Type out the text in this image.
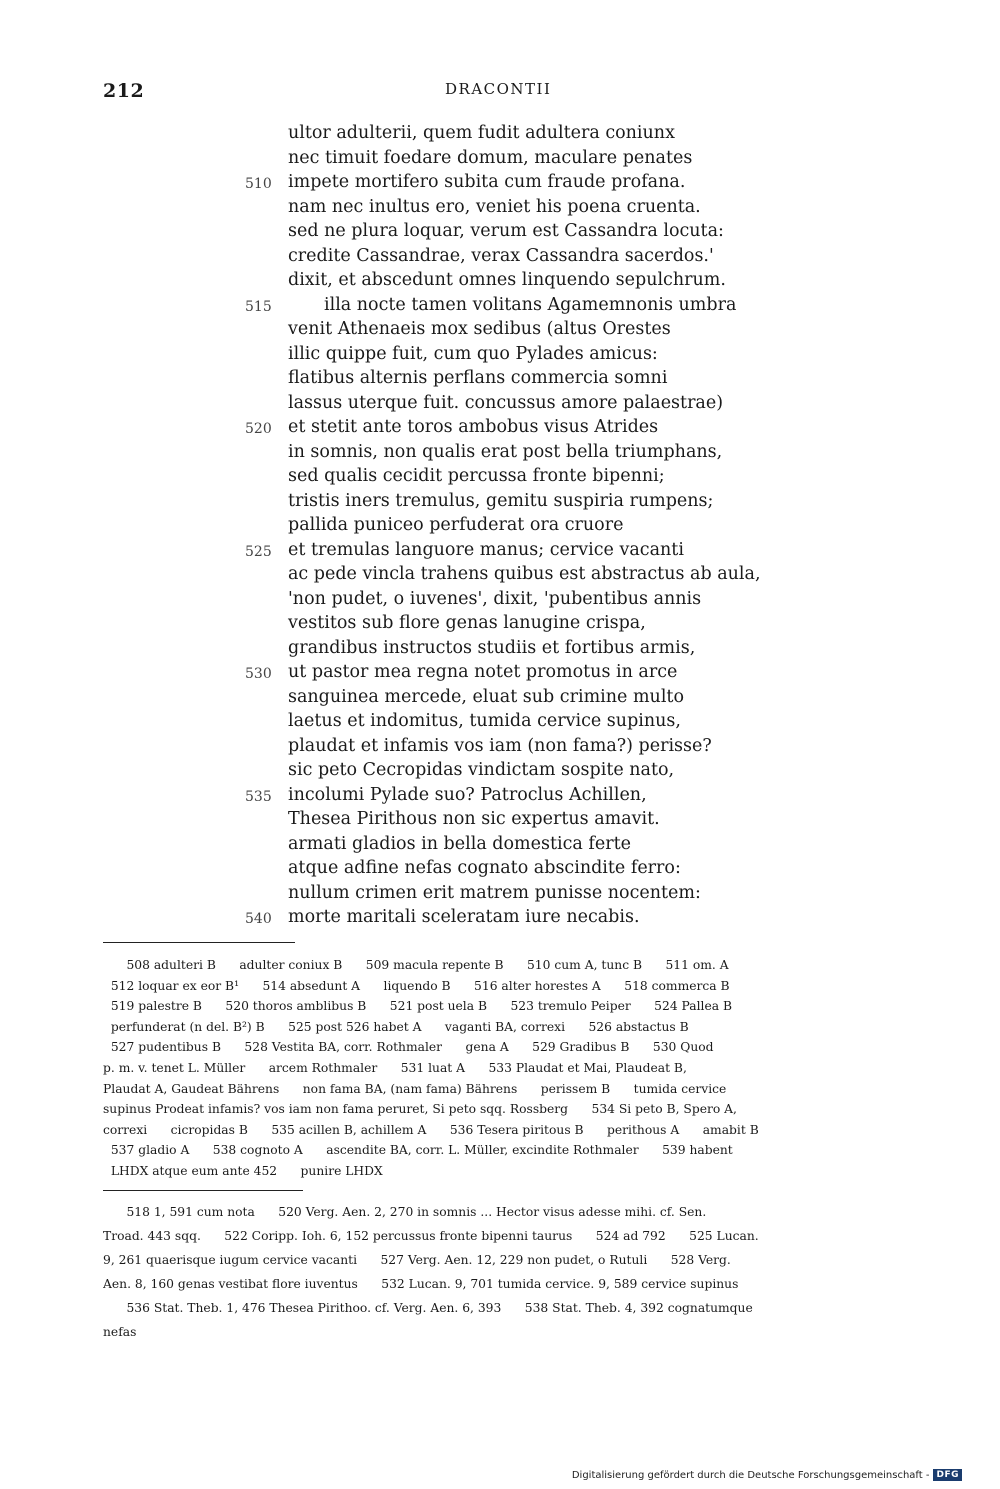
212	DRACONTII
ultor adulterii, quem fudit adultera coniunx
nec timuit foedare domum, maculare penates
510 impete mortifero subita cum fraude profana.
nam nec inultus ero, veniet his poena cruenta.
sed ne plura loquar, verum est Cassandra locuta:
credite Cassandrae, verax Cassandra sacerdos.'
dixit, et abscedunt omnes linquendo sepulchrum.
515	illa nocte tamen volitans Agamemnonis umbra
venit Athenaeis mox sedibus (altus Orestes
illic quippe fuit, cum quo Pylades amicus:
flatibus alternis perflans commercia somni
lassus uterque fuit. concussus amore palaestrae)
520 et stetit ante toros ambobus visus Atrides
in somnis, non qualis erat post bella triumphans,
sed qualis cecidit percussa fronte bipenni;
tristis iners tremulus, gemitu suspiria rumpens;
pallida puniceo perfuderat ora cruore
525 et tremulas languore manus; cervice vacanti
ac pede vincla trahens quibus est abstractus ab aula,
'non pudet, o iuvenes', dixit, 'pubentibus annis
vestitos sub flore genas lanugine crispa,
grandibus instructos studiis et fortibus armis,
530 ut pastor mea regna notet promotus in arce
sanguinea mercede, eluat sub crimine multo
laetus et indomitus, tumida cervice supinus,
plaudat et infamis vos iam (non fama?) perisse?
sic peto Cecropidas vindictam sospite nato,
535 incolumi Pylade suo? Patroclus Achillen,
Thesea Pirithous non sic expertus amavit.
armati gladios in bella domestica ferte
atque adfine nefas cognato abscindite ferro:
nullum crimen erit matrem punisse nocentem:
540 morte maritali sceleratam iure necabis.
508 adulteri B      adulter coniux B      509 macula repente B      510 cum A, tunc B      511 om. A
512 loquar ex eor B¹      514 absedunt A      liquendo B      516 alter horestes A      518 commerca B
519 palestre B      520 thoros amblibus B      521 post uela B      523 tremulo Peiper      524 Pallea B
perfunderat (n del. B²) B      525 post 526 habet A      vaganti BA, correxi      526 abstactus B
527 pudentibus B      528 Vestita BA, corr. Rothmaler      gena A      529 Gradibus B      530 Quod
p. m. v. tenet L. Müller      arcem Rothmaler      531 luat A      533 Plaudat et Mai, Plaudeat B,
Plaudat A, Gaudeat Bährens      non fama BA, (nam fama) Bährens      perissem B      tumida cervice
supinus Prodeat infamis? vos iam non fama peruret, Si peto sqq. Rossberg      534 Si peto B, Spero A,
correxi      cicropidas B      535 acillen B, achillem A      536 Tesera piritous B      perithous A      amabit B
537 gladio A      538 cognoto A      ascendite BA, corr. L. Müller, excindite Rothmaler      539 habent
LHDX atque eum ante 452      punire LHDX
518 1, 591 cum nota      520 Verg. Aen. 2, 270 in somnis ... Hector visus adesse mihi. cf. Sen.
Troad. 443 sqq.      522 Coripp. Ioh. 6, 152 percussus fronte bipenni taurus      524 ad 792      525 Lucan.
9, 261 quaerisque iugum cervice vacanti      527 Verg. Aen. 12, 229 non pudet, o Rutuli      528 Verg.
Aen. 8, 160 genas vestibat flore iuventus      532 Lucan. 9, 701 tumida cervice. 9, 589 cervice supinus
536 Stat. Theb. 1, 476 Thesea Pirithoo. cf. Verg. Aen. 6, 393      538 Stat. Theb. 4, 392 cognatumque
nefas
Digitalisierung gefördert durch die Deutsche Forschungsgemeinschaft - DFG
